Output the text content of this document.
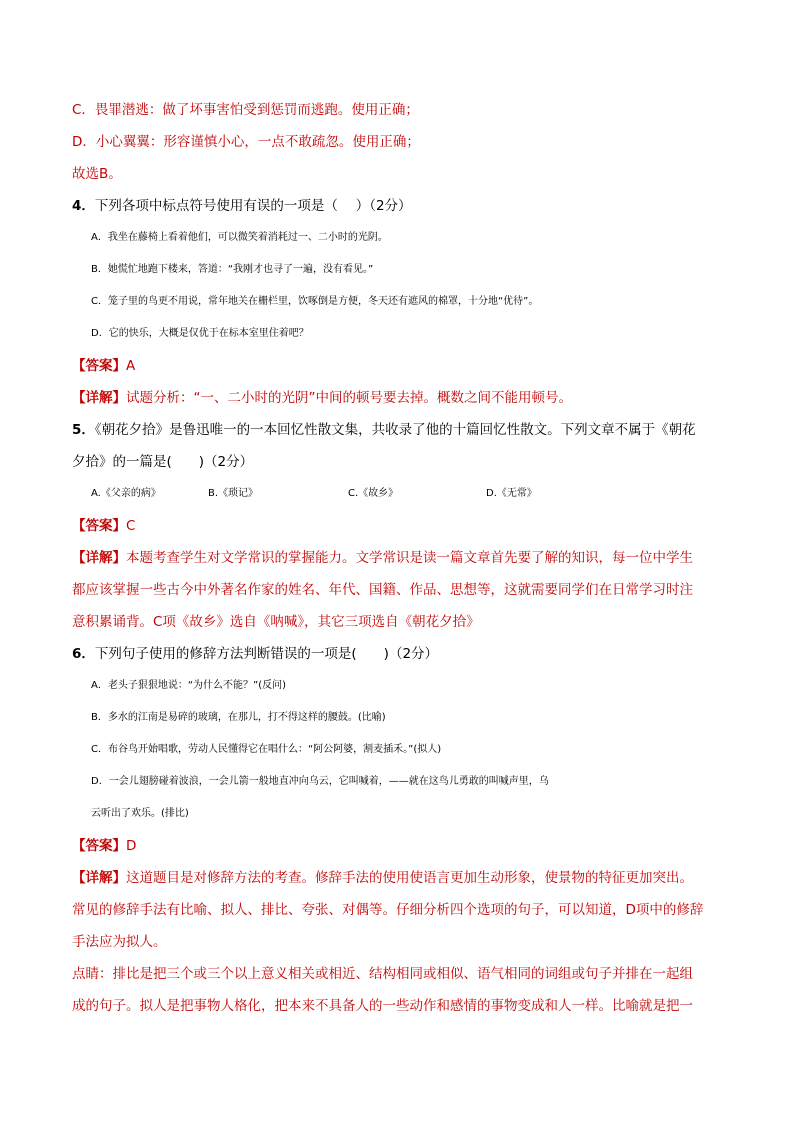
C．畏罪潜逃：做了坏事害怕受到惩罚而逃跑。使用正确；
D．小心翼翼：形容谨慎小心，一点不敢疏忽。使用正确；
故选B。
4．下列各项中标点符号使用有误的一项是（　 ）（2分）
A．我坐在藤椅上看着他们，可以微笑着消耗过一、二小时的光阴。
B．她慌忙地跑下楼来，答道：“我刚才也寻了一遍，没有看见。”
C．笼子里的鸟更不用说，常年地关在栅栏里，饮啄倒是方便，冬天还有遮风的棉罩，十分地“优待”。
D．它的快乐，大概是仅优于在标本室里住着吧？
【答案】A
【详解】试题分析：“一、二小时的光阴”中间的顿号要去掉。概数之间不能用顿号。
5．《朝花夕拾》是鲁迅唯一的一本回忆性散文集，共收录了他的十篇回忆性散文。下列文章不属于《朝花
夕拾》的一篇是(　　)（2分）
A.《父亲的病》	B.《琐记》	C.《故乡》	D.《无常》
【答案】C
【详解】本题考查学生对文学常识的掌握能力。文学常识是读一篇文章首先要了解的知识，每一位中学生
都应该掌握一些古今中外著名作家的姓名、年代、国籍、作品、思想等，这就需要同学们在日常学习时注
意积累诵背。C项《故乡》选自《呐喊》，其它三项选自《朝花夕拾》
6．下列句子使用的修辞方法判断错误的一项是(　　)（2分）
A．老头子狠狠地说：“为什么不能？”(反问)
B．多水的江南是易碎的玻璃，在那儿，打不得这样的腰鼓。(比喻)
C．布谷鸟开始唱歌，劳动人民懂得它在唱什么：“阿公阿婆，割麦插禾。”(拟人)
D．一会儿翅膀碰着波浪，一会儿箭一般地直冲向乌云，它叫喊着，——就在这鸟儿勇敢的叫喊声里，乌
云听出了欢乐。(排比)
【答案】D
【详解】这道题目是对修辞方法的考查。修辞手法的使用使语言更加生动形象，使景物的特征更加突出。
常见的修辞手法有比喻、拟人、排比、夸张、对偶等。仔细分析四个选项的句子，可以知道，D项中的修辞
手法应为拟人。
点睛：排比是把三个或三个以上意义相关或相近、结构相同或相似、语气相同的词组或句子并排在一起组
成的句子。拟人是把事物人格化，把本来不具备人的一些动作和感情的事物变成和人一样。比喻就是把一
